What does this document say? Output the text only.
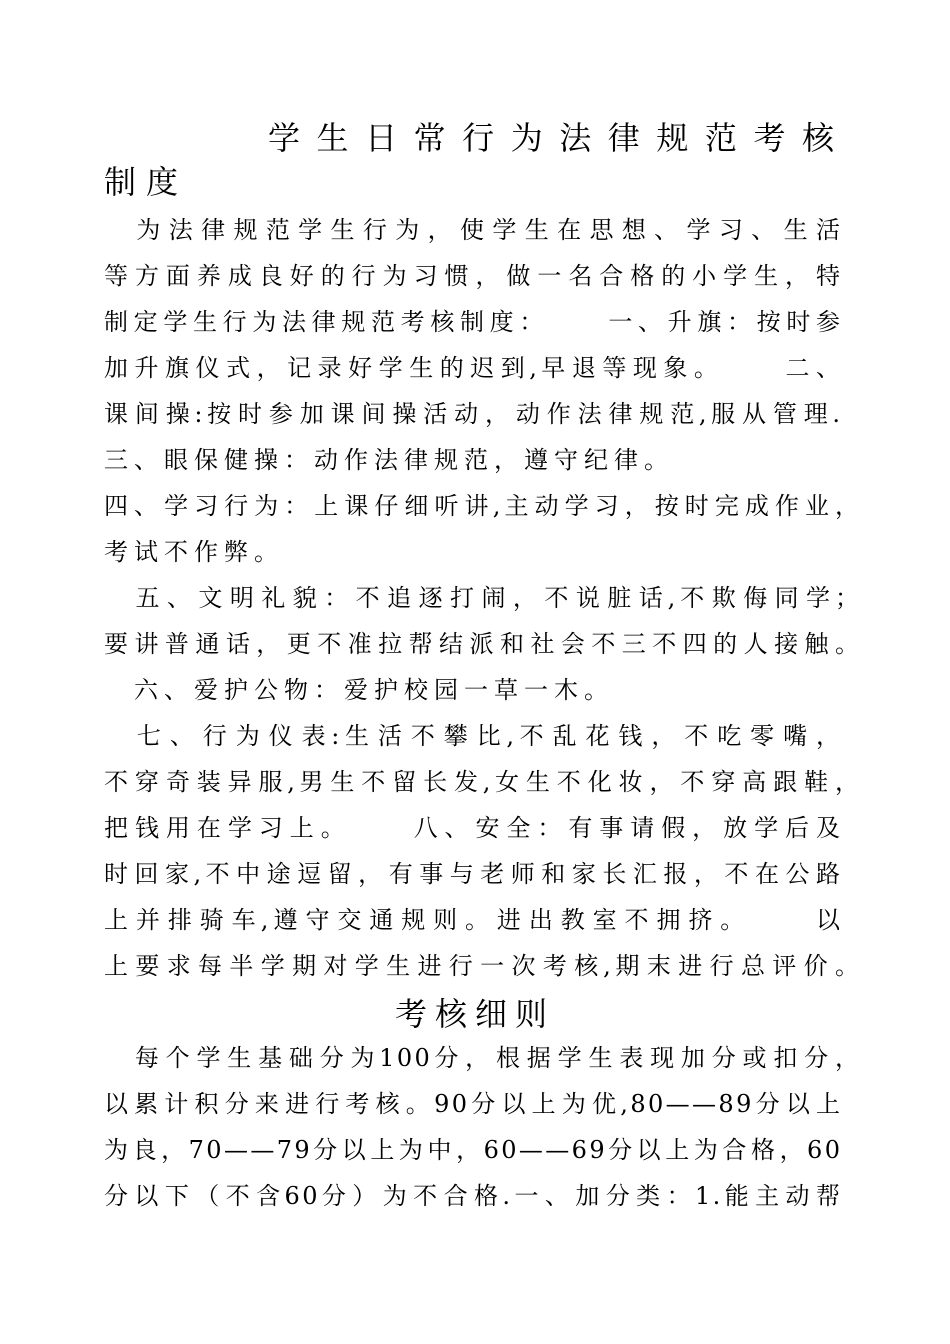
学 生 日 常 行 为 法 律 规 范 考 核
制度

　 为 法 律 规 范 学 生 行 为 ， 使 学 生 在 思 想 、 学 习 、 生 活

等 方 面 养 成 良 好 的 行 为 习 惯 ， 做 一 名 合 格 的 小 学 生 ， 特

制 定 学 生 行 为 法 律 规 范 考 核 制 度 ： 　 　 一 、 升 旗 ： 按 时 参

加 升 旗 仪 式 ， 记 录 好 学 生 的 迟 到 , 早 退 等 现 象 。 　 　 二 、

课 间 操 : 按 时 参 加 课 间 操 活 动 ， 动 作 法 律 规 范 , 服 从 管 理 .

三、眼保健操：动作法律规范，遵守纪律。

四 、 学 习 行 为 ： 上 课 仔 细 听 讲 , 主 动 学 习 ， 按 时 完 成 作 业 ，

考试不作弊。

　 五 、 文 明 礼 貌 ： 不 追 逐 打 闹 ， 不 说 脏 话 , 不 欺 侮 同 学 ；

要 讲 普 通 话 ， 更 不 准 拉 帮 结 派 和 社 会 不 三 不 四 的 人 接 触 。

　六、爱护公物：爱护校园一草一木。

　 七 、 行 为 仪 表 : 生 活 不 攀 比 , 不 乱 花 钱 ， 不 吃 零 嘴 ，

不 穿 奇 装 异 服 , 男 生 不 留 长 发 , 女 生 不 化 妆 ， 不 穿 高 跟 鞋 ，

把 钱 用 在 学 习 上 。 　 　 八 、 安 全 ： 有 事 请 假 ， 放 学 后 及

时 回 家 , 不 中 途 逗 留 ， 有 事 与 老 师 和 家 长 汇 报 ， 不 在 公 路

上 并 排 骑 车 , 遵 守 交 通 规 则 。 进 出 教 室 不 拥 挤 。 　 　 以

上 要 求 每 半 学 期 对 学 生 进 行 一 次 考 核 , 期 末 进 行 总 评 价 。

考核细则

　 每 个 学 生 基 础 分 为 1 0 0 分 ， 根 据 学 生 表 现 加 分 或 扣 分 ，

以 累 计 积 分 来 进 行 考 核 。 9 0 分 以 上 为 优 , 8 0 — — 8 9 分 以 上

为 良 ， 7 0 — — 7 9 分 以 上 为 中 ， 6 0 — — 6 9 分 以 上 为 合 格 ， 6 0

分 以 下 （ 不 含 6 0 分 ） 为 不 合 格 . 一 、 加 分 类 ： 1 . 能 主 动 帮
